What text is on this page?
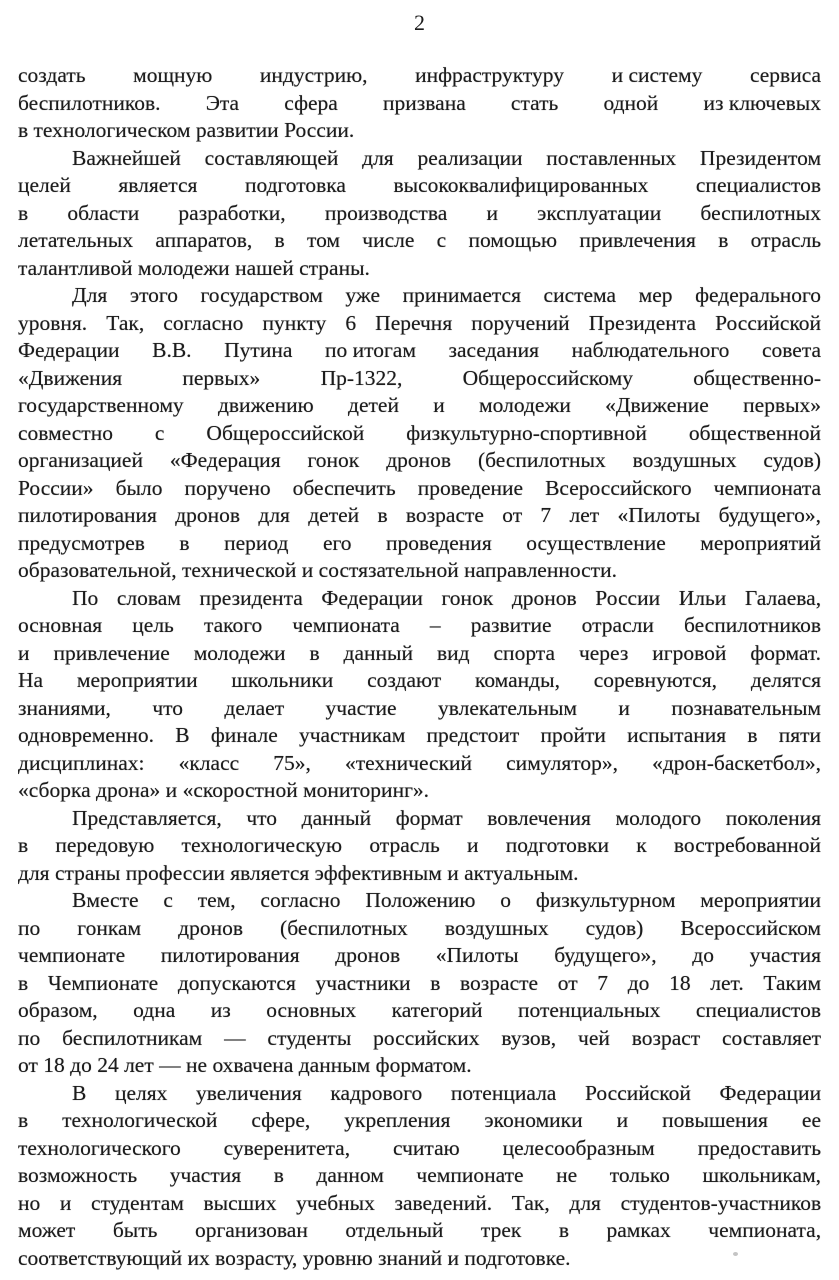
2
создать мощную индустрию, инфраструктуру и систему сервиса
беспилотников. Эта сфера призвана стать одной из ключевых
в технологическом развитии России.
Важнейшей составляющей для реализации поставленных Президентом
целей является подготовка высококвалифицированных специалистов
в области разработки, производства и эксплуатации беспилотных
летательных аппаратов, в том числе с помощью привлечения в отрасль
талантливой молодежи нашей страны.
Для этого государством уже принимается система мер федерального
уровня. Так, согласно пункту 6 Перечня поручений Президента Российской
Федерации В.В. Путина по итогам заседания наблюдательного совета
«Движения	первых»	Пр-1322,	Общероссийскому	общественно-
государственному движению детей и молодежи «Движение первых»
совместно с Общероссийской физкультурно-спортивной общественной
организацией «Федерация гонок дронов (беспилотных воздушных судов)
России» было поручено обеспечить проведение Всероссийского чемпионата
пилотирования дронов для детей в возрасте от 7 лет «Пилоты будущего»,
предусмотрев в период его проведения осуществление мероприятий
образовательной, технической и состязательной направленности.
По словам президента Федерации гонок дронов России Ильи Галаева,
основная цель такого чемпионата – развитие отрасли беспилотников
и привлечение молодежи в данный вид спорта через игровой формат.
На мероприятии школьники создают команды, соревнуются, делятся
знаниями, что делает участие увлекательным и познавательным
одновременно. В финале участникам предстоит пройти испытания в пяти
дисциплинах: «класс 75», «технический симулятор», «дрон-баскетбол»,
«сборка дрона» и «скоростной мониторинг».
Представляется, что данный формат вовлечения молодого поколения
в передовую технологическую отрасль и подготовки к востребованной
для страны профессии является эффективным и актуальным.
Вместе с тем, согласно Положению о физкультурном мероприятии
по гонкам дронов (беспилотных воздушных судов) Всероссийском
чемпионате пилотирования дронов «Пилоты будущего», до участия
в Чемпионате допускаются участники в возрасте от 7 до 18 лет. Таким
образом, одна из основных категорий потенциальных специалистов
по беспилотникам — студенты российских вузов, чей возраст составляет
от 18 до 24 лет — не охвачена данным форматом.
В целях увеличения кадрового потенциала Российской Федерации
в технологической сфере, укрепления экономики и повышения ее
технологического суверенитета, считаю целесообразным предоставить
возможность участия в данном чемпионате не только школьникам,
но и студентам высших учебных заведений. Так, для студентов-участников
может быть организован отдельный трек в рамках чемпионата,
соответствующий их возрасту, уровню знаний и подготовке.
